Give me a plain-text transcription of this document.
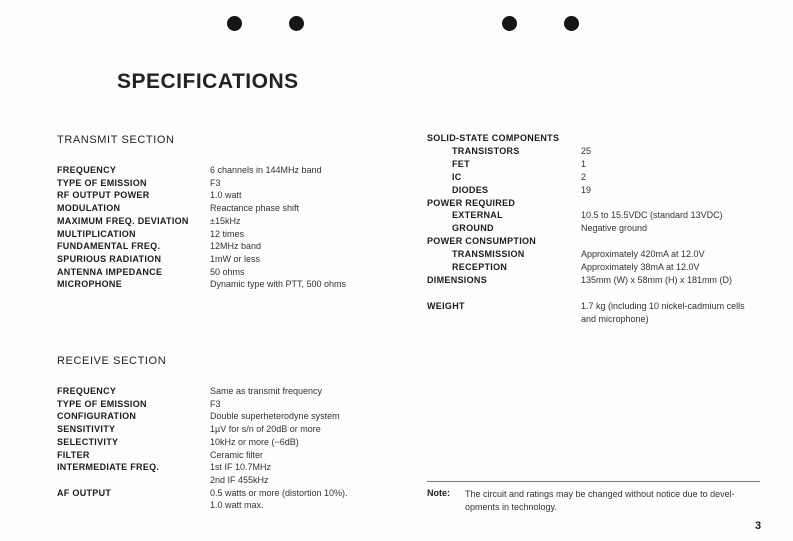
SPECIFICATIONS
TRANSMIT SECTION
FREQUENCY	6 channels in 144MHz band
TYPE OF EMISSION	F3
RF OUTPUT POWER	1.0 watt
MODULATION	Reactance phase shift
MAXIMUM FREQ. DEVIATION ±15kHz
MULTIPLICATION	12 times
FUNDAMENTAL FREQ.	12MHz band
SPURIOUS RADIATION	1mW or less
ANTENNA IMPEDANCE	50 ohms
MICROPHONE	Dynamic type with PTT, 500 ohms
RECEIVE SECTION
FREQUENCY	Same as transmit frequency
TYPE OF EMISSION	F3
CONFIGURATION	Double superheterodyne system
SENSITIVITY	1µV for s/n of 20dB or more
SELECTIVITY	10kHz or more (−6dB)
FILTER	Ceramic filter
INTERMEDIATE FREQ.	1st IF 10.7MHz
2nd IF 455kHz
AF OUTPUT	0.5 watts or more (distortion 10%).
1.0 watt max.
SOLID-STATE COMPONENTS
TRANSISTORS	25
FET	1
IC	2
DIODES	19
POWER REQUIRED
EXTERNAL	10.5 to 15.5VDC (standard 13VDC)
GROUND	Negative ground
POWER CONSUMPTION
TRANSMISSION	Approximately 420mA at 12.0V
RECEPTION	Approximately 38mA at 12.0V
DIMENSIONS	135mm (W) x 58mm (H) x 181mm (D)
WEIGHT	1.7 kg (including 10 nickel-cadmium cells
and microphone)
Note: The circuit and ratings may be changed without notice due to devel- opments in technology.
3
